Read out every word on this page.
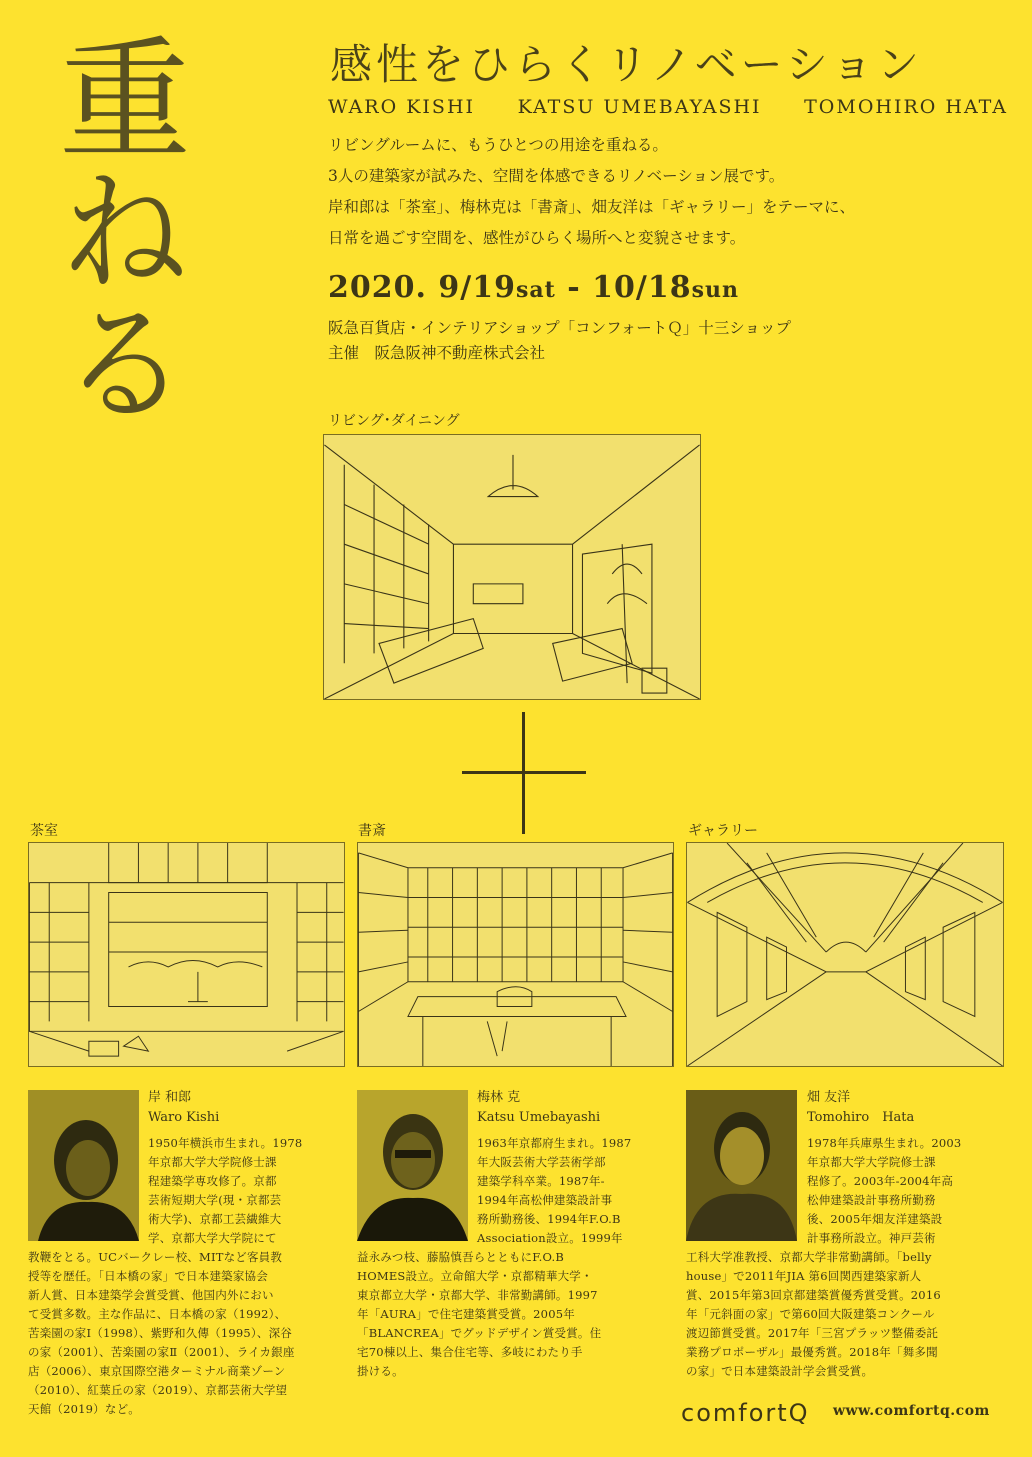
重ねる
感性をひらくリノベーション
WARO KISHI KATSU UMEBAYASHI TOMOHIRO HATA
リビングルームに、もうひとつの用途を重ねる。
3人の建築家が試みた、空間を体感できるリノベーション展です。
岸和郎は「茶室」、梅林克は「書斎」、畑友洋は「ギャラリー」をテーマに、
日常を過ごす空間を、感性がひらく場所へと変貌させます。
2020. 9/19sat - 10/18sun
阪急百貨店・インテリアショップ「コンフォートＱ」十三ショップ
主催　阪急阪神不動産株式会社
リビング･ダイニング
茶室	書斎	ギャラリー
岸 和郎
Waro Kishi
1950年横浜市生まれ。1978
年京都大学大学院修士課
程建築学専攻修了。京都
芸術短期大学(現・京都芸
術大学)、京都工芸繊維大
学、京都大学大学院にて
教鞭をとる。UCバークレー校、MITなど客員教
授等を歴任。「日本橋の家」で日本建築家協会
新人賞、日本建築学会賞受賞、他国内外におい
て受賞多数。主な作品に、日本橋の家（1992）、
苦楽園の家Ⅰ（1998）、紫野和久傳（1995）、深谷
の家（2001）、苦楽園の家Ⅱ（2001）、ライカ銀座
店（2006）、東京国際空港ターミナル商業ゾーン
（2010）、紅葉丘の家（2019）、京都芸術大学望
天館（2019）など。
梅林 克
Katsu Umebayashi
1963年京都府生まれ。1987
年大阪芸術大学芸術学部
建築学科卒業。1987年-
1994年高松伸建築設計事
務所勤務後、1994年F.O.B
Association設立。1999年
益永みつ枝、藤脇慎吾らとともにF.O.B
HOMES設立。立命館大学・京都精華大学・
東京都立大学・京都大学、非常勤講師。1997
年「AURA」で住宅建築賞受賞。2005年
「BLANCREA」でグッドデザイン賞受賞。住
宅70棟以上、集合住宅等、多岐にわたり手
掛ける。
畑 友洋
Tomohiro　Hata
1978年兵庫県生まれ。2003
年京都大学大学院修士課
程修了。2003年-2004年高
松伸建築設計事務所勤務
後、2005年畑友洋建築設
計事務所設立。神戸芸術
工科大学准教授、京都大学非常勤講師。「belly
house」で2011年JIA 第6回関西建築家新人
賞、2015年第3回京都建築賞優秀賞受賞。2016
年「元斜面の家」で第60回大阪建築コンクール
渡辺節賞受賞。2017年「三宮プラッツ整備委託
業務プロポーザル」最優秀賞。2018年「舞多聞
の家」で日本建築設計学会賞受賞。
comfortQ www.comfortq.com
